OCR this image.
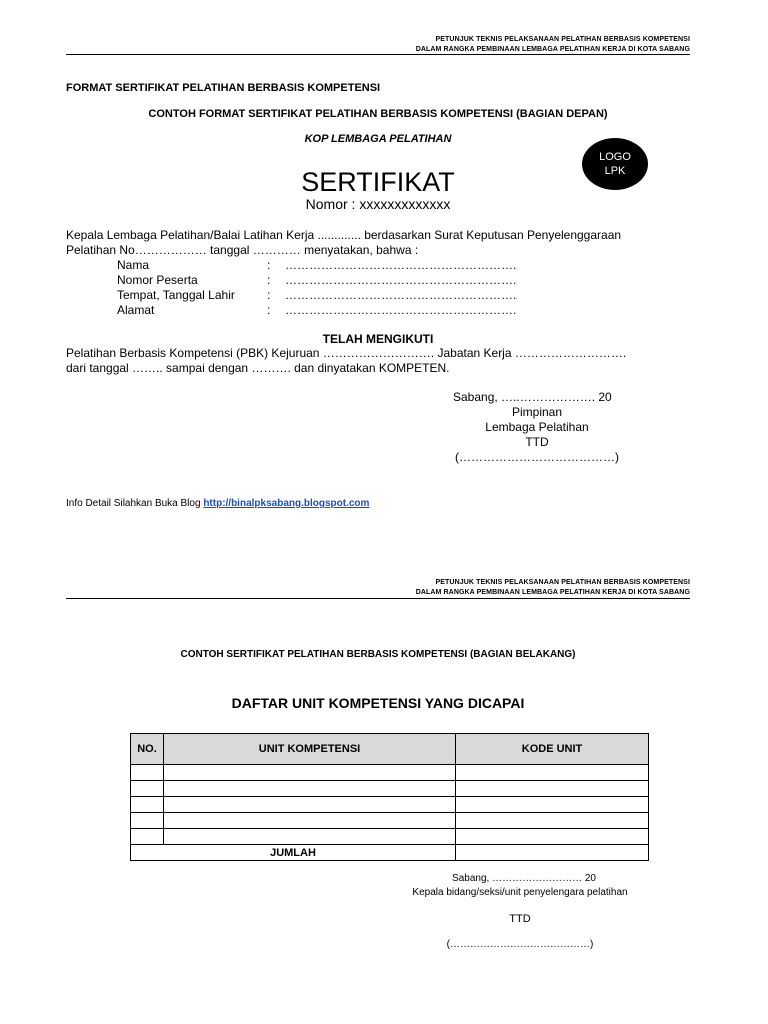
PETUNJUK TEKNIS PELAKSANAAN PELATIHAN BERBASIS KOMPETENSI
DALAM RANGKA PEMBINAAN LEMBAGA PELATIHAN KERJA DI KOTA SABANG
FORMAT SERTIFIKAT PELATIHAN BERBASIS KOMPETENSI
CONTOH FORMAT SERTIFIKAT PELATIHAN BERBASIS KOMPETENSI (BAGIAN DEPAN)
KOP LEMBAGA PELATIHAN
LOGO
LPK
SERTIFIKAT
Nomor : xxxxxxxxxxxxx
Kepala Lembaga Pelatihan/Balai Latihan Kerja ............. berdasarkan Surat Keputusan Penyelenggaraan
Pelatihan No……………… tanggal ………… menyatakan, bahwa :
Nama	: ………………………………………………….
Nomor Peserta	: ………………………………………………….
Tempat, Tanggal Lahir	: ………………………………………………….
Alamat	: ………………………………………………….
TELAH MENGIKUTI
Pelatihan Berbasis Kompetensi (PBK) Kejuruan ………………………. Jabatan Kerja ……………………….
dari tanggal …….. sampai dengan ………. dan dinyatakan KOMPETEN.
Sabang, …..………………. 20
Pimpinan
Lembaga Pelatihan
TTD
(…………………………………)
Info Detail Silahkan Buka Blog http://binalpksabang.blogspot.com
PETUNJUK TEKNIS PELAKSANAAN PELATIHAN BERBASIS KOMPETENSI
DALAM RANGKA PEMBINAAN LEMBAGA PELATIHAN KERJA DI KOTA SABANG
CONTOH SERTIFIKAT PELATIHAN BERBASIS KOMPETENSI (BAGIAN BELAKANG)
DAFTAR UNIT KOMPETENSI YANG DICAPAI
NO.	UNIT KOMPETENSI	KODE UNIT

JUMLAH		
Sabang, ……………………… 20
Kepala bidang/seksi/unit penyelengara pelatihan
TTD
(……………………………………)
